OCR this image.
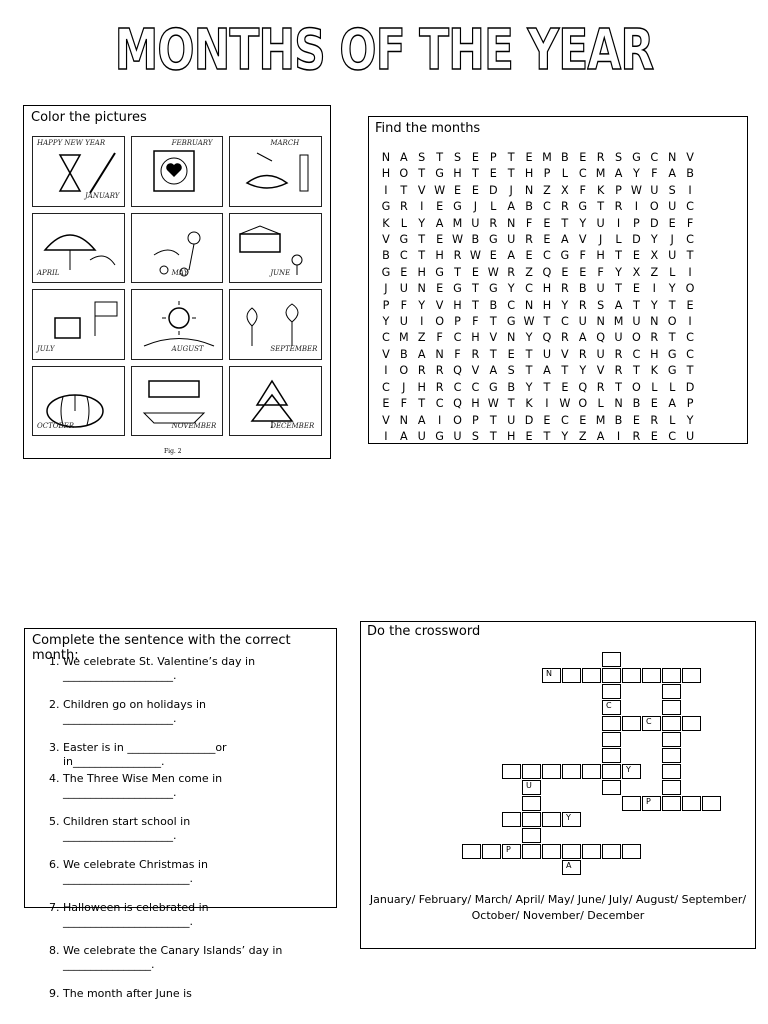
MONTHS OF THE YEAR
Color the pictures
HAPPY NEW YEAR
JANUARY
FEBRUARY	MARCH
APRIL	MAY	JUNE
JULY	AUGUST	SEPTEMBER
OCTOBER	NOVEMBER	DECEMBER
Fig. 2
Find the months
N A S T S E P T E M B E R S G C N V
H O T G H T E T H P	L C M A Y	F A B
I	T V W E E D	J	N Z X F K P W U S	I
G R	I	E G	J	L A B C R G T R	I	O U C
K L	Y A M U R N F E T Y U	I	P D E F
V G T E W B G U R E A V	J	L D Y	J	C
B C T H R W E A E C G F H T E X U T
G E H G T E W R Z Q E E F	Y X Z L	I
J	U N E G T G Y C H R B U T E	I	Y O
P	F	Y V H T B C N H Y R S A T Y T E
Y U	I	O P	F	T G W T C U N M U N O	I
C M Z F C H V N Y Q R A Q U O R T C
V B A N F R T E T U V R U R C H G C
I	O R R Q V A S T A T Y V R T K G T
C	J	H R C C G B Y T E Q R T O L	L D
E F	T C Q H W T K	I W O L N B E A P
V N A	I	O P T U D E C E M B E R L	Y
I	A U G U S T H E T Y Z A	I	R E C U
Complete the sentence with the correct month:
1. We celebrate St. Valentine’s day in
____________________.
2. Children go on holidays in
____________________.
3. Easter is in ________________or
in________________.
4. The Three Wise Men come in
____________________.
5. Children start school in
____________________.
6. We celebrate Christmas in
_______________________.
7. Halloween is celebrated in
_______________________.
8. We celebrate the Canary Islands’ day in
________________.
9. The month after June is
Do the crossword
N
C
Y
P
Y
P
C
U
A
January/ February/ March/ April/ May/ June/ July/ August/ September/ October/ November/ December
